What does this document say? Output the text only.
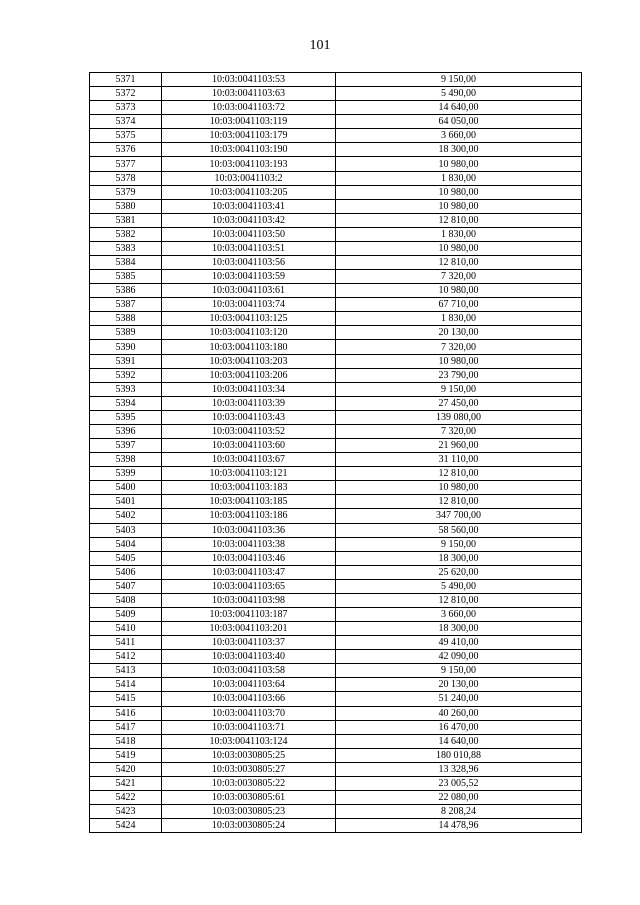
101
5371	10:03:0041103:53	9 150,00
5372	10:03:0041103:63	5 490,00
5373	10:03:0041103:72	14 640,00
5374	10:03:0041103:119	64 050,00
5375	10:03:0041103:179	3 660,00
5376	10:03:0041103:190	18 300,00
5377	10:03:0041103:193	10 980,00
5378	10:03:0041103:2	1 830,00
5379	10:03:0041103:205	10 980,00
5380	10:03:0041103:41	10 980,00
5381	10:03:0041103:42	12 810,00
5382	10:03:0041103:50	1 830,00
5383	10:03:0041103:51	10 980,00
5384	10:03:0041103:56	12 810,00
5385	10:03:0041103:59	7 320,00
5386	10:03:0041103:61	10 980,00
5387	10:03:0041103:74	67 710,00
5388	10:03:0041103:125	1 830,00
5389	10:03:0041103:120	20 130,00
5390	10:03:0041103:180	7 320,00
5391	10:03:0041103:203	10 980,00
5392	10:03:0041103:206	23 790,00
5393	10:03:0041103:34	9 150,00
5394	10:03:0041103:39	27 450,00
5395	10:03:0041103:43	139 080,00
5396	10:03:0041103:52	7 320,00
5397	10:03:0041103:60	21 960,00
5398	10:03:0041103:67	31 110,00
5399	10:03:0041103:121	12 810,00
5400	10:03:0041103:183	10 980,00
5401	10:03:0041103:185	12 810,00
5402	10:03:0041103:186	347 700,00
5403	10:03:0041103:36	58 560,00
5404	10:03:0041103:38	9 150,00
5405	10:03:0041103:46	18 300,00
5406	10:03:0041103:47	25 620,00
5407	10:03:0041103:65	5 490,00
5408	10:03:0041103:98	12 810,00
5409	10:03:0041103:187	3 660,00
5410	10:03:0041103:201	18 300,00
5411	10:03:0041103:37	49 410,00
5412	10:03:0041103:40	42 090,00
5413	10:03:0041103:58	9 150,00
5414	10:03:0041103:64	20 130,00
5415	10:03:0041103:66	51 240,00
5416	10:03:0041103:70	40 260,00
5417	10:03:0041103:71	16 470,00
5418	10:03:0041103:124	14 640,00
5419	10:03:0030805:25	180 010,88
5420	10:03:0030805:27	13 328,96
5421	10:03:0030805:22	23 005,52
5422	10:03:0030805:61	22 080,00
5423	10:03:0030805:23	8 208,24
5424	10:03:0030805:24	14 478,96
